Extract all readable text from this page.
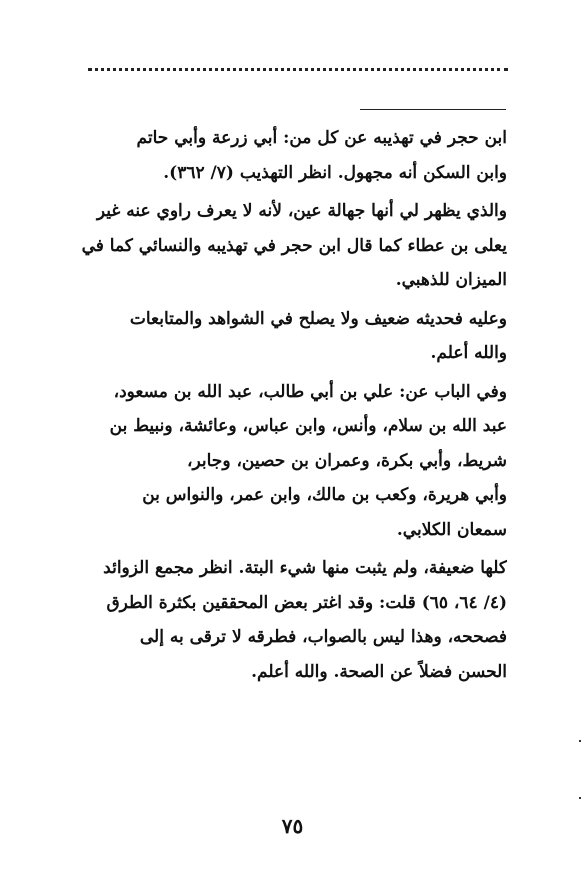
ابن حجر في تهذيبه عن كل من: أبي زرعة وأبي حاتم
وابن السكن أنه مجهول. انظر التهذيب (٧/ ٣٦٢).
والذي يظهر لي أنها جهالة عين، لأنه لا يعرف راوي عنه غير
يعلى بن عطاء كما قال ابن حجر في تهذيبه والنسائي كما في
الميزان للذهبي.
وعليه فحديثه ضعيف ولا يصلح في الشواهد والمتابعات
والله أعلم.
وفي الباب عن: علي بن أبي طالب، عبد الله بن مسعود،
عبد الله بن سلام، وأنس، وابن عباس، وعائشة، ونبيط بن
شريط، وأبي بكرة، وعمران بن حصين، وجابر،
وأبي هريرة، وكعب بن مالك، وابن عمر، والنواس بن
سمعان الكلابي.
كلها ضعيفة، ولم يثبت منها شيء البتة. انظر مجمع الزوائد
(٤/ ٦٤، ٦٥) قلت: وقد اغتر بعض المحققين بكثرة الطرق
فصححه، وهذا ليس بالصواب، فطرقه لا ترقى به إلى
الحسن فضلاً عن الصحة. والله أعلم.
٧٥
